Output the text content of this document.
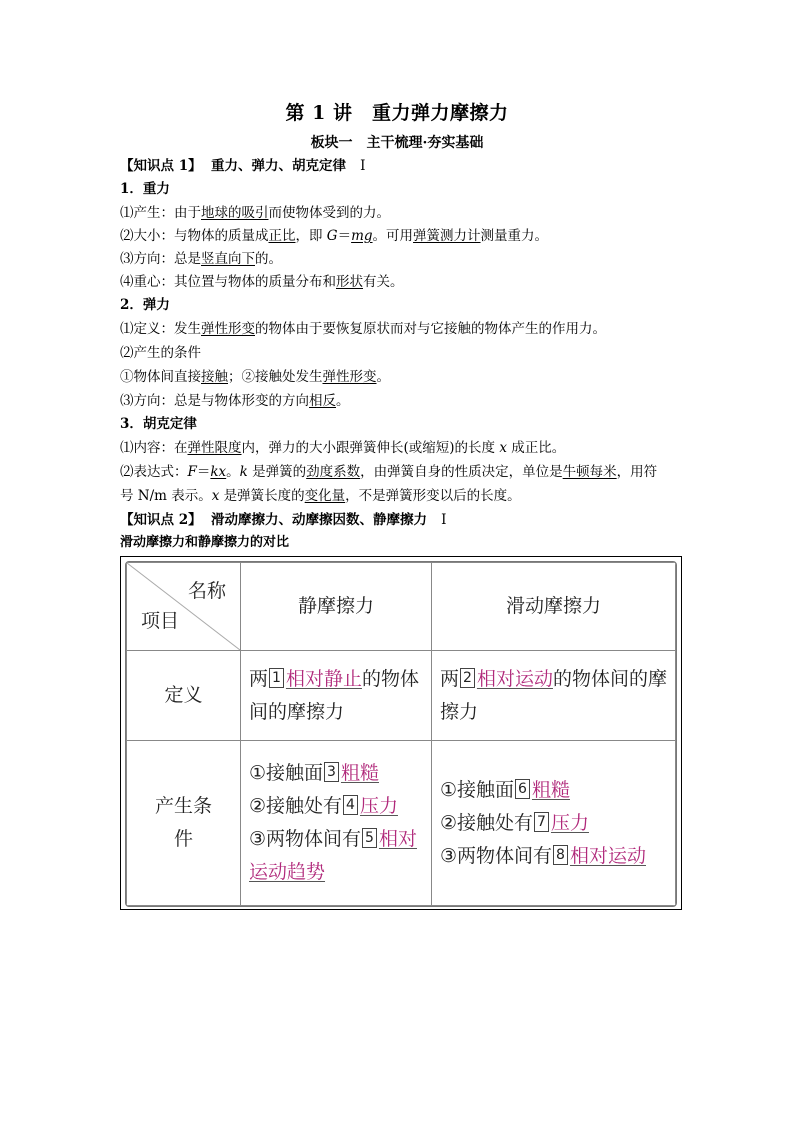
第 1 讲　重力弹力摩擦力
板块一　主干梳理·夯实基础
【知识点 1】 重力、弹力、胡克定律 Ⅰ
1．重力
⑴产生：由于地球的吸引而使物体受到的力。
⑵大小：与物体的质量成正比，即 G＝mg。可用弹簧测力计测量重力。
⑶方向：总是竖直向下的。
⑷重心：其位置与物体的质量分布和形状有关。
2．弹力
⑴定义：发生弹性形变的物体由于要恢复原状而对与它接触的物体产生的作用力。
⑵产生的条件
①物体间直接接触；②接触处发生弹性形变。
⑶方向：总是与物体形变的方向相反。
3．胡克定律
⑴内容：在弹性限度内，弹力的大小跟弹簧伸长(或缩短)的长度 x 成正比。
⑵表达式：F＝kx。k 是弹簧的劲度系数，由弹簧自身的性质决定，单位是牛顿每米，用符
号 N/m 表示。x 是弹簧长度的变化量，不是弹簧形变以后的长度。
【知识点 2】 滑动摩擦力、动摩擦因数、静摩擦力 Ⅰ
滑动摩擦力和静摩擦力的对比
名称
项目	静摩擦力	滑动摩擦力
定义	两 1 相对静止的物体间的摩擦力	两 2 相对运动的物体间的摩擦力
产生条件	①接触面 3 粗糙
②接触处有 4 压力
③两物体间有 5 相对运动趋势	①接触面 6 粗糙
②接触处有 7 压力
③两物体间有 8 相对运动
